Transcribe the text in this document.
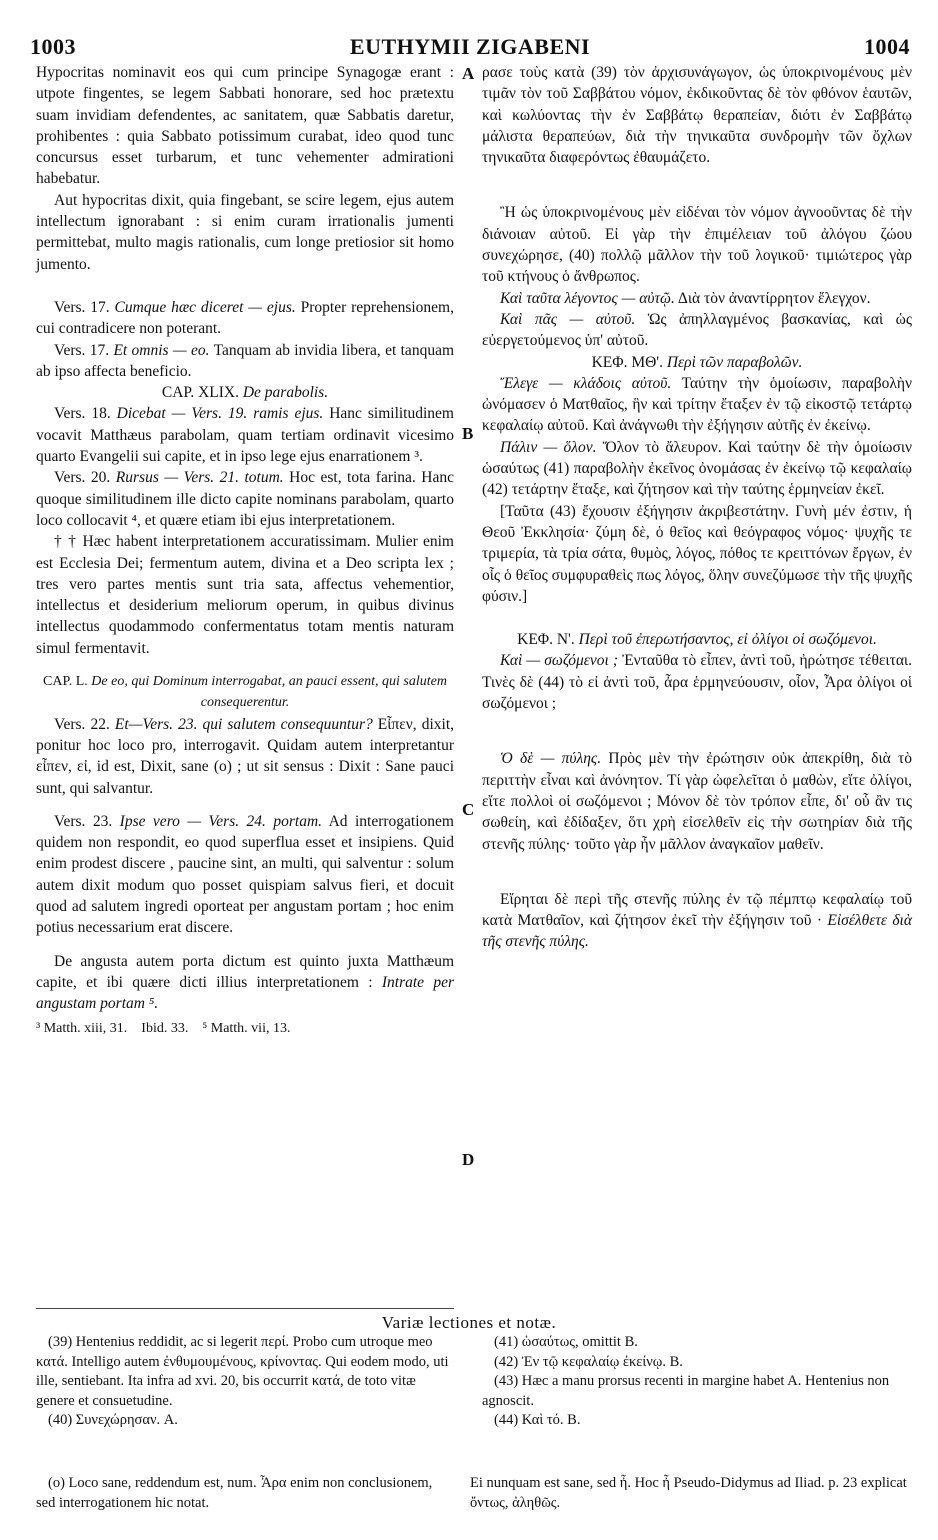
1003	EUTHYMII ZIGABENI	1004
A
B
C
D

Hypocritas nominavit eos qui cum principe Synagogæ erant : utpote fingentes, se legem Sabbati honorare, sed hoc prætextu suam invidiam defendentes, ac sanitatem, quæ Sabbatis daretur, prohibentes : quia Sabbato potissimum curabat, ideo quod tunc concursus esset turbarum, et tunc vehementer admirationi habebatur.

Aut hypocritas dixit, quia fingebant, se scire legem, ejus autem intellectum ignorabant : si enim curam irrationalis jumenti permittebat, multo magis rationalis, cum longe pretiosior sit homo jumento.

Vers. 17. Cumque hæc diceret — ejus. Propter reprehensionem, cui contradicere non poterant.

Vers. 17. Et omnis — eo. Tanquam ab invidia libera, et tanquam ab ipso affecta beneficio.

CAP. XLIX. De parabolis.

Vers. 18. Dicebat — Vers. 19. ramis ejus. Hanc similitudinem vocavit Matthæus parabolam, quam tertiam ordinavit vicesimo quarto Evangelii sui capite, et in ipso lege ejus enarrationem ³.

Vers. 20. Rursus — Vers. 21. totum. Hoc est, tota farina. Hanc quoque similitudinem ille dicto capite nominans parabolam, quarto loco collocavit ⁴, et quære etiam ibi ejus interpretationem.

† † Hæc habent interpretationem accuratissimam. Mulier enim est Ecclesia Dei; fermentum autem, divina et a Deo scripta lex ; tres vero partes mentis sunt tria sata, affectus vehementior, intellectus et desiderium meliorum operum, in quibus divinus intellectus quodammodo confermentatus totam mentis naturam simul fermentavit.

CAP. L. De eo, qui Dominum interrogabat, an pauci essent, qui salutem consequerentur.

Vers. 22. Et—Vers. 23. qui salutem consequuntur? Εἶπεν, dixit, ponitur hoc loco pro, interrogavit. Quidam autem interpretantur εἶπεν, εἰ, id est, Dixit, sane (o) ; ut sit sensus : Dixit : Sane pauci sunt, qui salvantur.

Vers. 23. Ipse vero — Vers. 24. portam. Ad interrogationem quidem non respondit, eo quod superflua esset et insipiens. Quid enim prodest discere , paucine sint, an multi, qui salventur : solum autem dixit modum quo posset quispiam salvus fieri, et docuit quod ad salutem ingredi oporteat per angustam portam ; hoc enim potius necessarium erat discere.

De angusta autem porta dictum est quinto juxta Matthæum capite, et ibi quære dicti illius interpretationem : Intrate per angustam portam ⁵.

³ Matth. xiii, 31.    Ibid. 33.    ⁵ Matth. vii, 13.

ρασε τοὺς κατὰ (39) τὸν ἀρχισυνάγωγον, ὡς ὑποκρινομένους μὲν τιμᾶν τὸν τοῦ Σαββάτου νόμον, ἐκδικοῦντας δὲ τὸν φθόνον ἑαυτῶν, καὶ κωλύοντας τὴν ἐν Σαββάτῳ θεραπείαν, διότι ἐν Σαββάτῳ μάλιστα θεραπεύων, διὰ τὴν τηνικαῦτα συνδρομὴν τῶν ὄχλων τηνικαῦτα διαφερόντως ἐθαυμάζετο.

Ἢ ὡς ὑποκρινομένους μὲν εἰδέναι τὸν νόμον ἀγνοοῦντας δὲ τὴν διάνοιαν αὐτοῦ. Εἰ γὰρ τὴν ἐπιμέλειαν τοῦ ἀλόγου ζώου συνεχώρησε, (40) πολλῷ μᾶλλον τὴν τοῦ λογικοῦ· τιμιώτερος γὰρ τοῦ κτήνους ὁ ἄνθρωπος.

Καὶ ταῦτα λέγοντος — αὐτῷ. Διὰ τὸν ἀναντίρρητον ἔλεγχον.

Καὶ πᾶς — αὐτοῦ. Ὡς ἀπηλλαγμένος βασκανίας, καὶ ὡς εὐεργετούμενος ὑπ' αὐτοῦ.

ΚΕΦ. ΜΘ'. Περὶ τῶν παραβολῶν.

Ἔλεγε — κλάδοις αὐτοῦ. Ταύτην τὴν ὁμοίωσιν, παραβολὴν ὠνόμασεν ὁ Ματθαῖος, ἣν καὶ τρίτην ἔταξεν ἐν τῷ εἰκοστῷ τετάρτῳ κεφαλαίῳ αὐτοῦ. Καὶ ἀνάγνωθι τὴν ἐξήγησιν αὐτῆς ἐν ἐκείνῳ.

Πάλιν — ὅλον. Ὅλον τὸ ἄλευρον. Καὶ ταύτην δὲ τὴν ὁμοίωσιν ὡσαύτως (41) παραβολὴν ἐκεῖνος ὀνομάσας ἐν ἐκείνῳ τῷ κεφαλαίῳ (42) τετάρτην ἔταξε, καὶ ζήτησον καὶ τὴν ταύτης ἑρμηνείαν ἐκεῖ.

[Ταῦτα (43) ἔχουσιν ἐξήγησιν ἀκριβεστάτην. Γυνὴ μέν ἐστιν, ἡ Θεοῦ Ἐκκλησία· ζύμη δὲ, ὁ θεῖος καὶ θεόγραφος νόμος· ψυχῆς τε τριμερία, τὰ τρία σάτα, θυμὸς, λόγος, πόθος τε κρειττόνων ἔργων, ἐν οἷς ὁ θεῖος συμφυραθεὶς πως λόγος, ὅλην συνεζύμωσε τὴν τῆς ψυχῆς φύσιν.]

ΚΕΦ. Ν'. Περὶ τοῦ ἐπερωτήσαντος, εἰ ὀλίγοι οἱ σωζόμενοι.

Καὶ — σωζόμενοι ; Ἐνταῦθα τὸ εἶπεν, ἀντὶ τοῦ, ἠρώτησε τέθειται. Τινὲς δὲ (44) τὸ εἰ ἀντὶ τοῦ, ἆρα ἑρμηνεύουσιν, οἷον, Ἆρα ὀλίγοι οἱ σωζόμενοι ;

Ὁ δὲ — πύλης. Πρὸς μὲν τὴν ἐρώτησιν οὐκ ἀπεκρίθη, διὰ τὸ περιττὴν εἶναι καὶ ἀνόνητον. Τί γὰρ ὠφελεῖται ὁ μαθὼν, εἴτε ὀλίγοι, εἴτε πολλοὶ οἱ σωζόμενοι ; Μόνον δὲ τὸν τρόπον εἶπε, δι' οὗ ἂν τις σωθείη, καὶ ἐδίδαξεν, ὅτι χρὴ εἰσελθεῖν εἰς τὴν σωτηρίαν διὰ τῆς στενῆς πύλης· τοῦτο γὰρ ἦν μᾶλλον ἀναγκαῖον μαθεῖν.

Εἴρηται δὲ περὶ τῆς στενῆς πύλης ἐν τῷ πέμπτῳ κεφαλαίῳ τοῦ κατὰ Ματθαῖον, καὶ ζήτησον ἐκεῖ τὴν ἐξήγησιν τοῦ · Εἰσέλθετε διὰ τῆς στενῆς πύλης.

Variæ lectiones et notæ.

(39) Hentenius reddidit, ac si legerit περί. Probo cum utroque meo κατά. Intelligo autem ἐνθυμουμένους, κρίνοντας. Qui eodem modo, uti ille, sentiebant. Ita infra ad xvi. 20, bis occurrit κατά, de toto vitæ genere et consuetudine.

(40) Συνεχώρησαν. A.

(41) ὡσαύτως, omittit B.

(42) Ἐν τῷ κεφαλαίῳ ἐκείνῳ. B.

(43) Hæc a manu prorsus recenti in margine habet A. Hentenius non agnoscit.

(44) Καὶ τό. B.

(o) Loco sane, reddendum est, num. Ἆρα enim non conclusionem, sed interrogationem hic notat.

Ei nunquam est sane, sed ἦ. Hoc ἦ Pseudo-Didymus ad Iliad. p. 23 explicat ὄντως, ἀληθῶς.
